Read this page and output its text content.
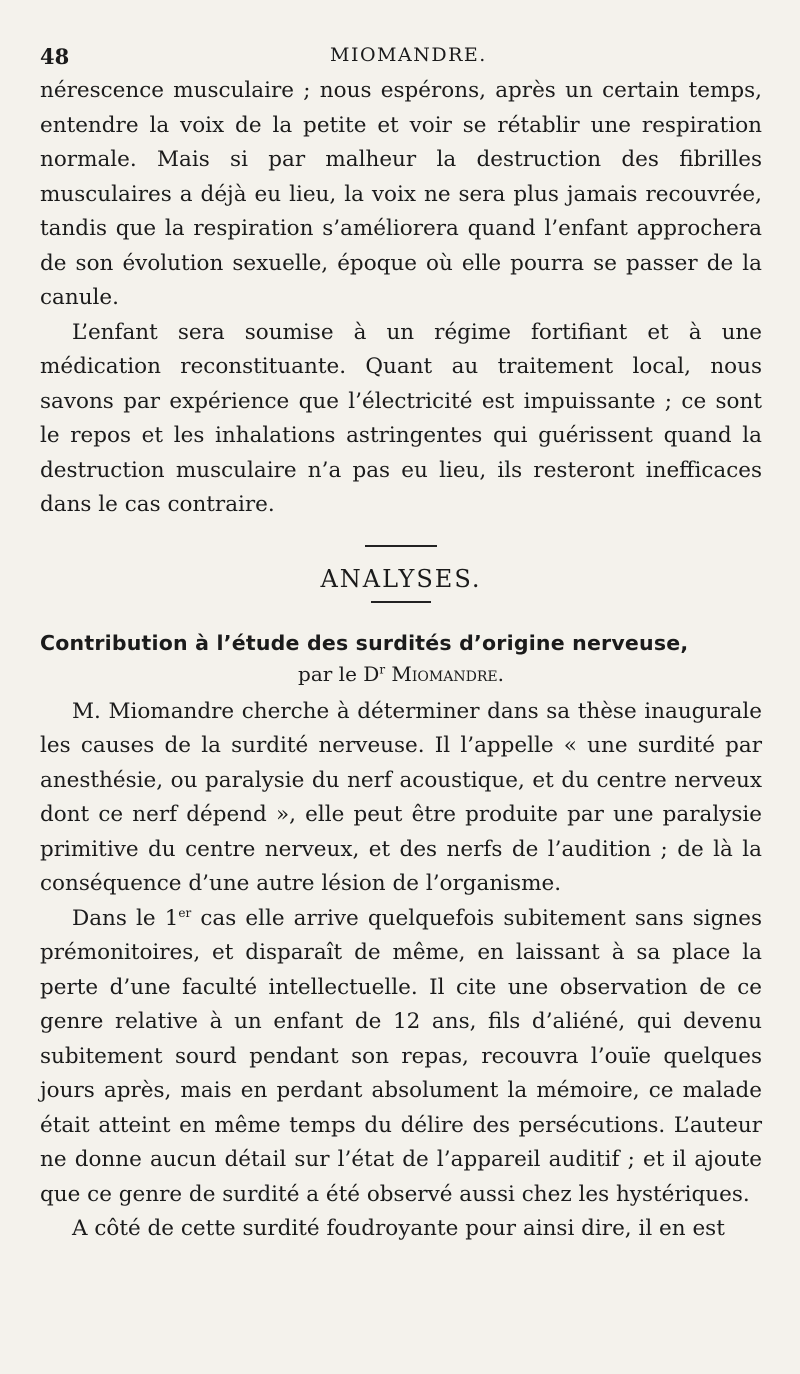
48	MIOMANDRE.

nérescence musculaire ; nous espérons, après un certain temps, entendre la voix de la petite et voir se rétablir une respiration normale. Mais si par malheur la destruction des fibrilles musculaires a déjà eu lieu, la voix ne sera plus jamais recouvrée, tandis que la respiration s’améliorera quand l’enfant approchera de son évolution sexuelle, époque où elle pourra se passer de la canule.

L’enfant sera soumise à un régime fortifiant et à une médication reconstituante. Quant au traitement local, nous savons par expérience que l’électricité est impuissante ; ce sont le repos et les inhalations astringentes qui guérissent quand la destruction musculaire n’a pas eu lieu, ils resteront inefficaces dans le cas contraire.

ANALYSES.

Contribution à l’étude des surdités d’origine nerveuse,

par le $D^r$ Miomandre.

M. Miomandre cherche à déterminer dans sa thèse inaugurale les causes de la surdité nerveuse. Il l’appelle « une surdité par anesthésie, ou paralysie du nerf acoustique, et du centre nerveux dont ce nerf dépend », elle peut être produite par une paralysie primitive du centre nerveux, et des nerfs de l’audition ; de là la conséquence d’une autre lésion de l’organisme.

Dans le 1er cas elle arrive quelquefois subitement sans signes prémonitoires, et disparaît de même, en laissant à sa place la perte d’une faculté intellectuelle. Il cite une observation de ce genre relative à un enfant de 12 ans, fils d’aliéné, qui devenu subitement sourd pendant son repas, recouvra l’ouïe quelques jours après, mais en perdant absolument la mémoire, ce malade était atteint en même temps du délire des persécutions. L’auteur ne donne aucun détail sur l’état de l’appareil auditif ; et il ajoute que ce genre de surdité a été observé aussi chez les hystériques.

A côté de cette surdité foudroyante pour ainsi dire, il en est
